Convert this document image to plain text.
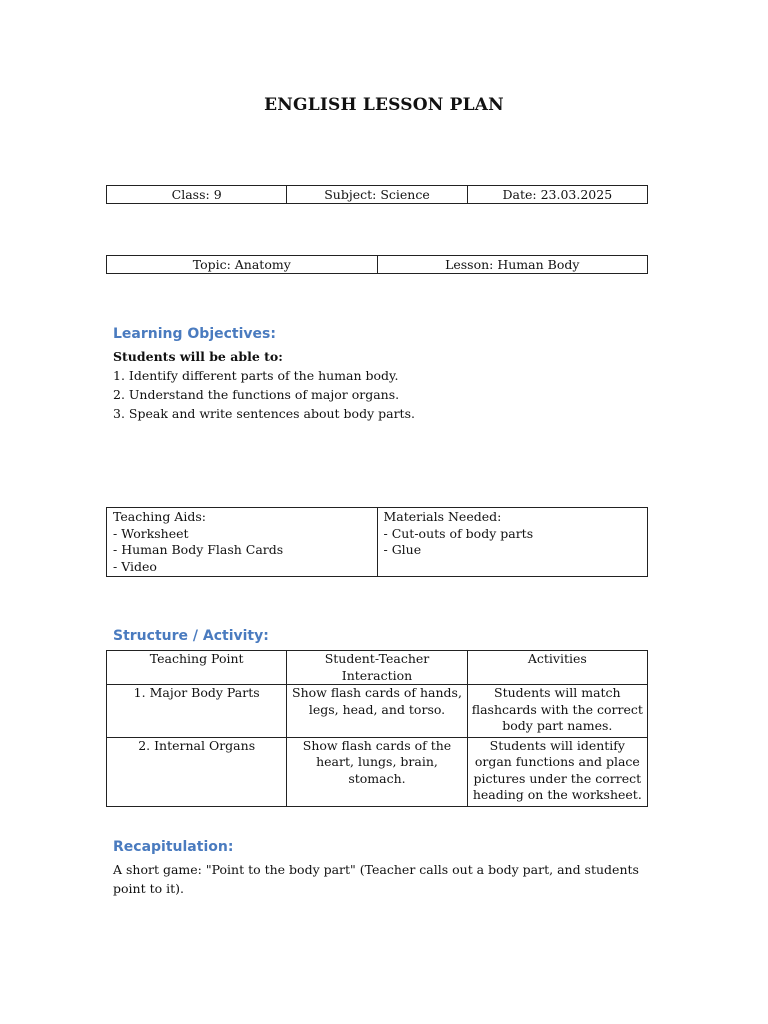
ENGLISH LESSON PLAN
Class: 9	Subject: Science	Date: 23.03.2025
Topic: Anatomy	Lesson: Human Body
Learning Objectives:
Students will be able to:
1. Identify different parts of the human body.
2. Understand the functions of major organs.
3. Speak and write sentences about body parts.
Teaching Aids:
- Worksheet
- Human Body Flash Cards
- Video

Materials Needed:
- Cut-outs of body parts
- Glue
Structure / Activity:
Teaching Point	Student-Teacher Interaction	Activities
1. Major Body Parts	Show flash cards of hands, legs, head, and torso.	Students will match flashcards with the correct body part names.
2. Internal Organs	Show flash cards of the heart, lungs, brain, stomach.	Students will identify organ functions and place pictures under the correct heading on the worksheet.
Recapitulation:
A short game: "Point to the body part" (Teacher calls out a body part, and students point to it).
